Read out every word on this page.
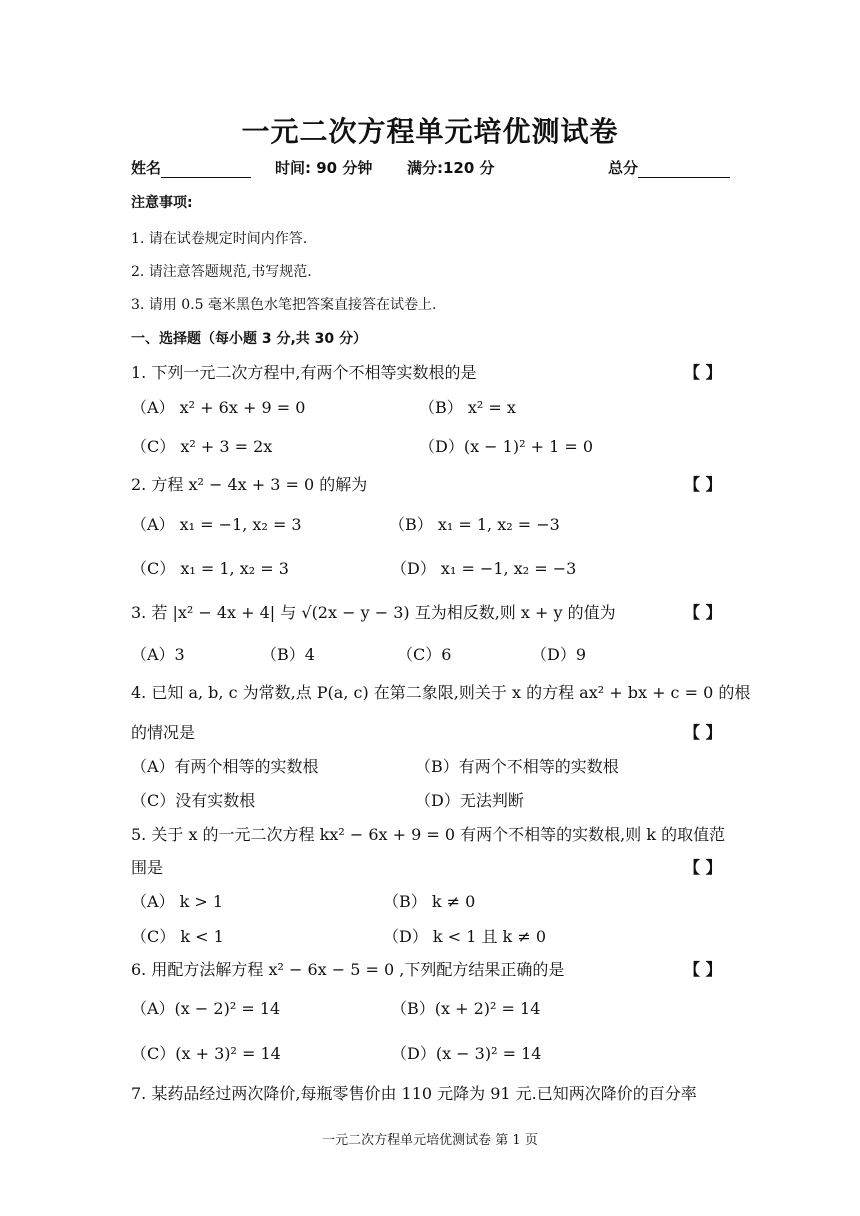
一元二次方程单元培优测试卷
姓名	时间: 90 分钟 满分:120 分	总分
注意事项:
1. 请在试卷规定时间内作答.
2. 请注意答题规范,书写规范.
3. 请用 0.5 毫米黑色水笔把答案直接答在试卷上.
一、选择题（每小题 3 分,共 30 分）
1. 下列一元二次方程中,有两个不相等实数根的是	【 】
（A） x² + 6x + 9 = 0	（B） x² = x
（C） x² + 3 = 2x	（D）(x − 1)² + 1 = 0
2. 方程 x² − 4x + 3 = 0 的解为	【 】
（A） x₁ = −1, x₂ = 3	（B） x₁ = 1, x₂ = −3
（C） x₁ = 1, x₂ = 3	（D） x₁ = −1, x₂ = −3
3. 若 |x² − 4x + 4| 与 √(2x − y − 3) 互为相反数,则 x + y 的值为	【 】
（A）3	（B）4	（C）6	（D）9
4. 已知 a, b, c 为常数,点 P(a, c) 在第二象限,则关于 x 的方程 ax² + bx + c = 0 的根
的情况是	【 】
（A）有两个相等的实数根	（B）有两个不相等的实数根
（C）没有实数根	（D）无法判断
5. 关于 x 的一元二次方程 kx² − 6x + 9 = 0 有两个不相等的实数根,则 k 的取值范
围是	【 】
（A） k > 1	（B） k ≠ 0
（C） k < 1	（D） k < 1 且 k ≠ 0
6. 用配方法解方程 x² − 6x − 5 = 0 ,下列配方结果正确的是	【 】
（A）(x − 2)² = 14	（B）(x + 2)² = 14
（C）(x + 3)² = 14	（D）(x − 3)² = 14
7. 某药品经过两次降价,每瓶零售价由 110 元降为 91 元.已知两次降价的百分率
一元二次方程单元培优测试卷 第 1 页
